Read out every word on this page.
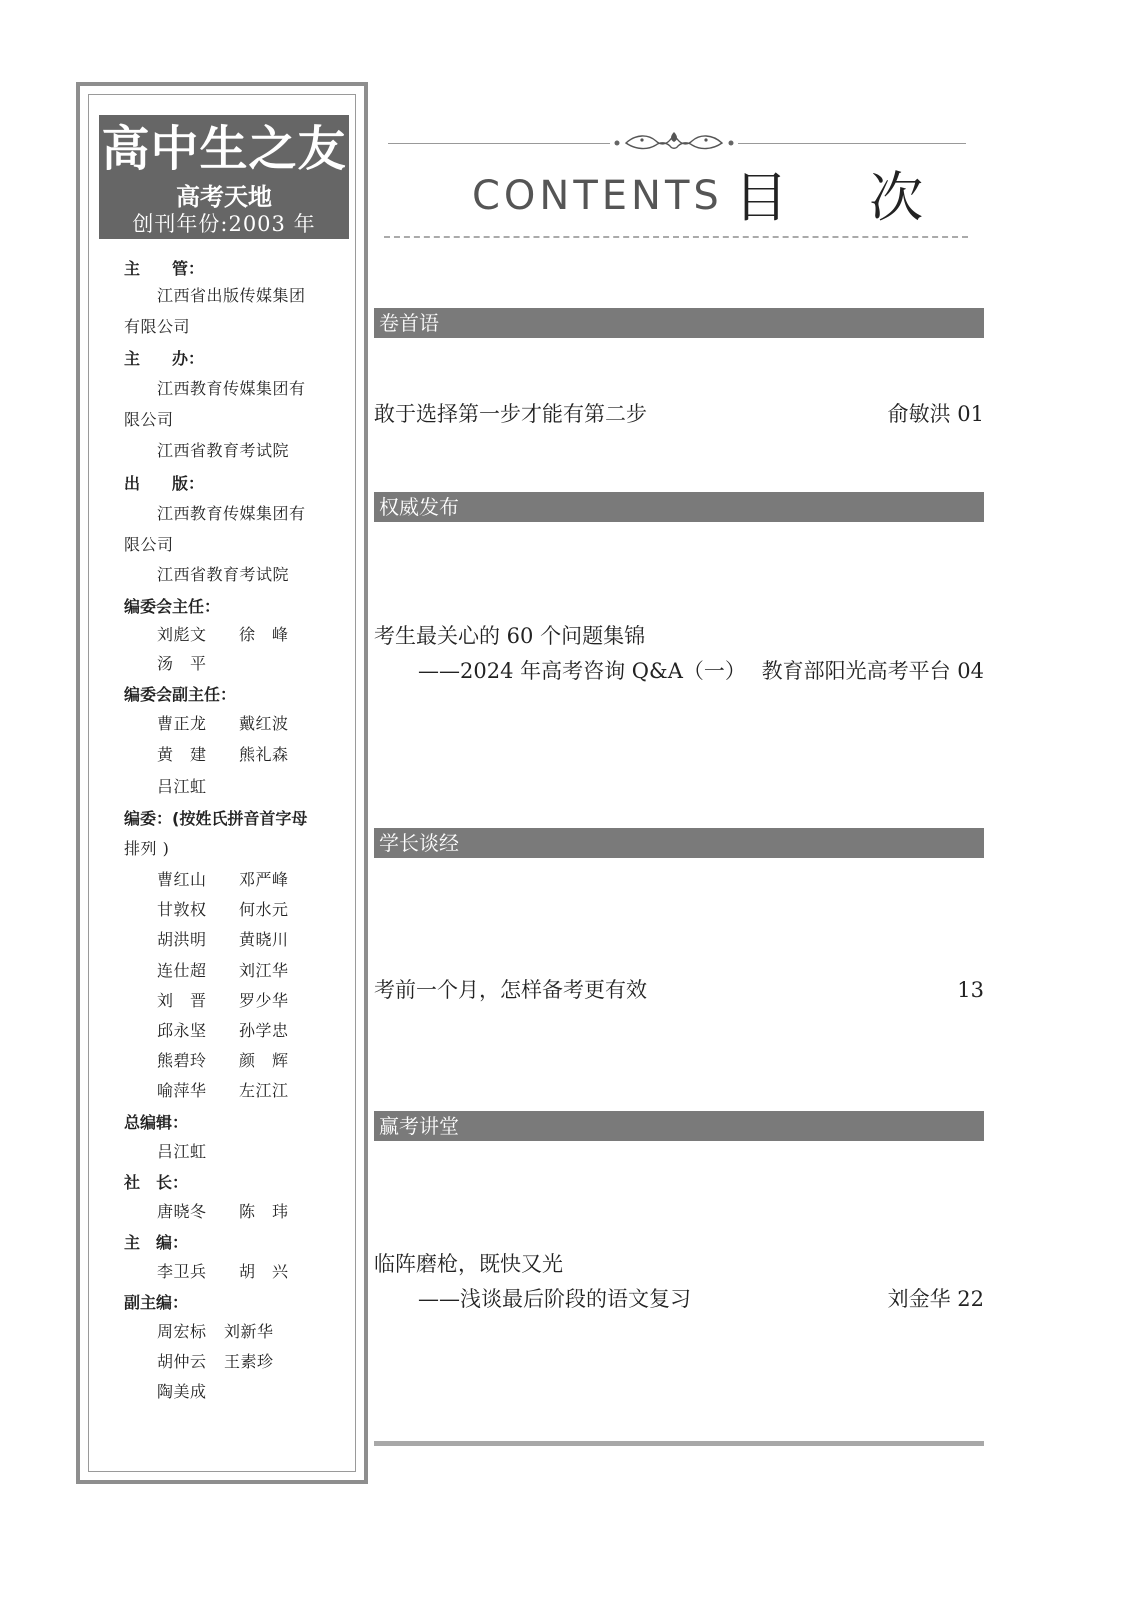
高中生之友
高考天地
创刊年份:2003 年
主　　管：
江西省出版传媒集团
有限公司
主　　办：
江西教育传媒集团有
限公司
江西省教育考试院
出　　版：
江西教育传媒集团有
限公司
江西省教育考试院
编委会主任：
刘彪文 徐　峰
汤　平
编委会副主任：
曹正龙 戴红波
黄　建 熊礼森
吕江虹
编委：(按姓氏拼音首字母
排列 )
曹红山 邓严峰
甘敦权 何水元
胡洪明 黄晓川
连仕超 刘江华
刘　晋 罗少华
邱永坚 孙学忠
熊碧玲 颜　辉
喻萍华 左江江
总编辑：
吕江虹
社　长：
唐晓冬 陈　玮
主　编：
李卫兵 胡　兴
副主编：
周宏标 刘新华
胡仲云 王素珍
陶美成
CONTENTS 目 次
卷首语
敢于选择第一步才能有第二步	俞敏洪 01
权威发布
考生最关心的 60 个问题集锦
——2024 年高考咨询 Q&A（一） 教育部阳光高考平台 04
学长谈经
考前一个月，怎样备考更有效	13
赢考讲堂
临阵磨枪，既快又光
——浅谈最后阶段的语文复习	刘金华 22
